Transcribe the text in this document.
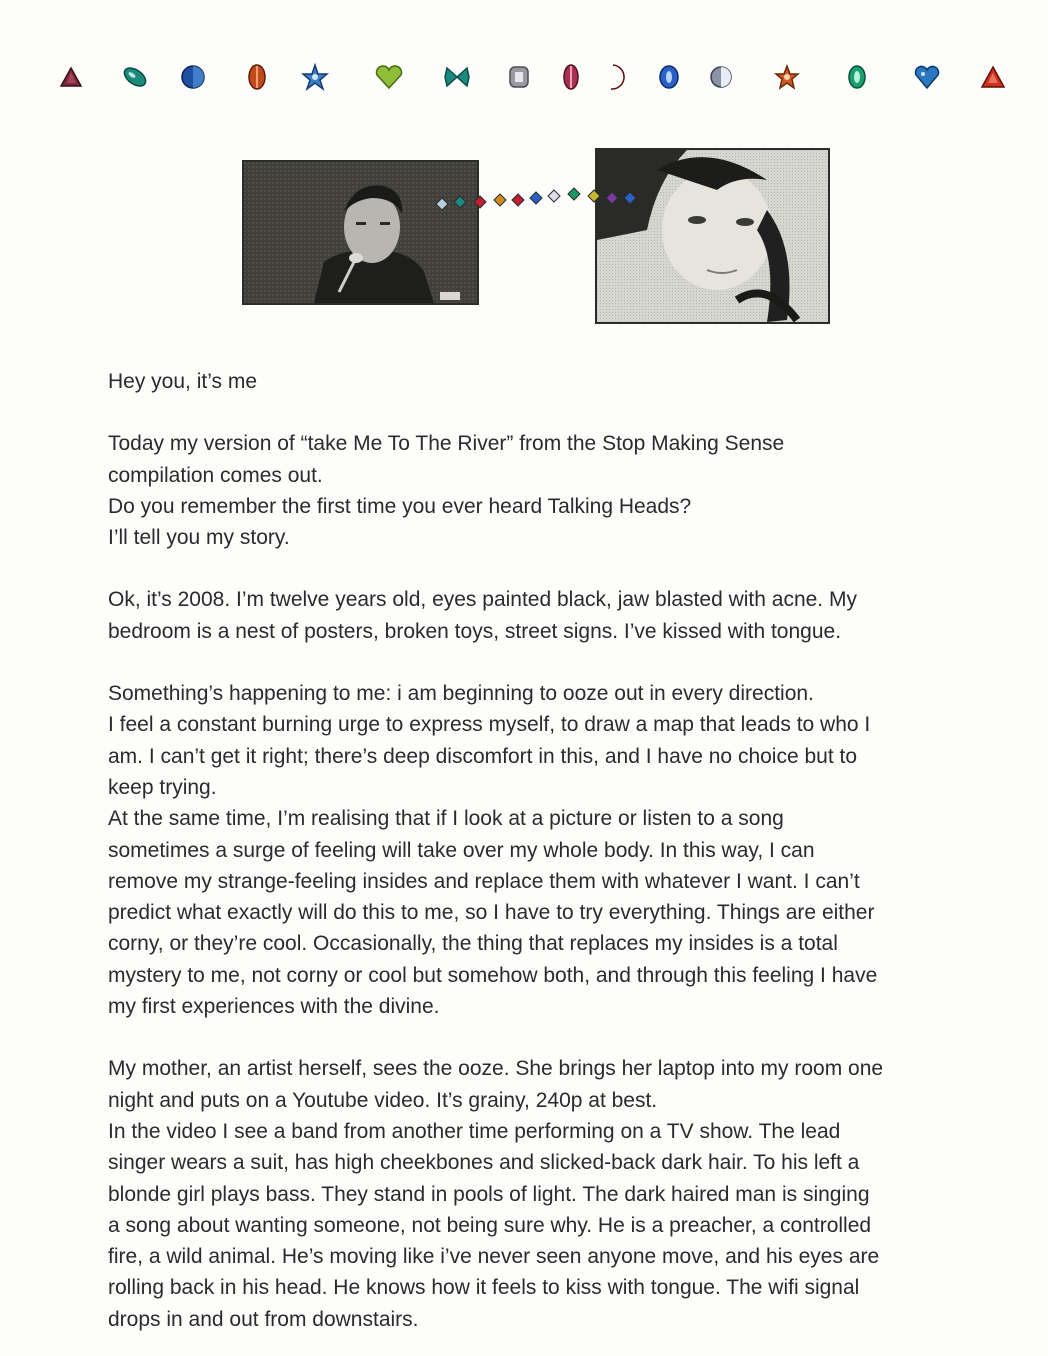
Hey you, it’s me

Today my version of “take Me To The River” from the Stop Making Sense
compilation comes out.
Do you remember the first time you ever heard Talking Heads?
I’ll tell you my story.

Ok, it’s 2008. I’m twelve years old, eyes painted black, jaw blasted with acne. My
bedroom is a nest of posters, broken toys, street signs. I’ve kissed with tongue.

Something’s happening to me: i am beginning to ooze out in every direction.
I feel a constant burning urge to express myself, to draw a map that leads to who I
am. I can’t get it right; there’s deep discomfort in this, and I have no choice but to
keep trying.
At the same time, I’m realising that if I look at a picture or listen to a song
sometimes a surge of feeling will take over my whole body. In this way, I can
remove my strange-feeling insides and replace them with whatever I want. I can’t
predict what exactly will do this to me, so I have to try everything. Things are either
corny, or they’re cool. Occasionally, the thing that replaces my insides is a total
mystery to me, not corny or cool but somehow both, and through this feeling I have
my first experiences with the divine.

My mother, an artist herself, sees the ooze. She brings her laptop into my room one
night and puts on a Youtube video. It’s grainy, 240p at best.
In the video I see a band from another time performing on a TV show. The lead
singer wears a suit, has high cheekbones and slicked-back dark hair. To his left a
blonde girl plays bass. They stand in pools of light. The dark haired man is singing
a song about wanting someone, not being sure why. He is a preacher, a controlled
fire, a wild animal. He’s moving like i’ve never seen anyone move, and his eyes are
rolling back in his head. He knows how it feels to kiss with tongue. The wifi signal
drops in and out from downstairs.
